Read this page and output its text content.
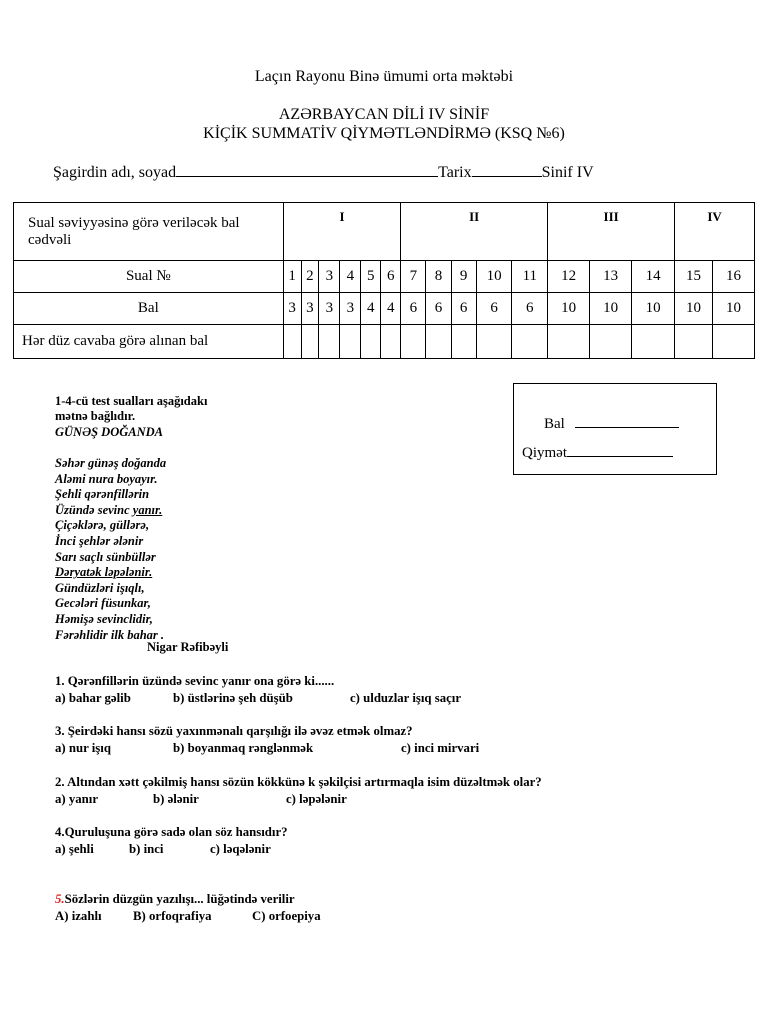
Laçın Rayonu Binə ümumi orta məktəbi
AZƏRBAYCAN DİLİ IV SİNİF
KİÇİK SUMMATİV QİYMƏTLƏNDİRMƏ (KSQ №6)
Şagirdin adı, soyad	Tarix	Sinif IV
Sual səviyyəsinə görə veriləcək bal cədvəli	I						II					III			IV	
Sual №	1	2	3	4	5	6	7	8	9	10	11	12	13	14	15	16
Bal	3	3	3	3	4	4	6	6	6	6	6	10	10	10	10	10
Hər düz cavaba görə alınan bal																
Bal
Qiymət
1-4-cü test sualları aşağıdakı
mətnə bağlıdır.
GÜNƏŞ DOĞANDA
Səhər günəş doğanda
Aləmi nura boyayır.
Şehli qərənfillərin
Üzündə sevinc yanır.
Çiçəklərə, güllərə,
İnci şehlər ələnir
Sarı saçlı sünbüllər
Dəryatək ləpələnir.
Gündüzləri işıqlı,
Gecələri füsunkar,
Həmişə sevinclidir,
Fərəhlidir ilk bahar .
Nigar Rəfibəyli
1. Qərənfillərin üzündə sevinc yanır ona görə ki......
a) bahar gəlib	b) üstlərinə şeh düşüb	c) ulduzlar işıq saçır
3. Şeirdəki hansı sözü yaxınmənalı qarşılığı ilə əvəz etmək olmaz?
a) nur işıq	b) boyanmaq rənglənmək	c) inci mirvari
2. Altından xətt çəkilmiş hansı sözün kökkünə k şəkilçisi artırmaqla isim düzəltmək olar?
a) yanır	b) ələnir	c) ləpələnir
4.Quruluşuna görə sadə olan söz hansıdır?
a) şehli	b) inci	c) ləqələnir
5.Sözlərin düzgün yazılışı... lüğətində verilir
A) izahlı B) orfoqrafiya	C) orfoepiya
